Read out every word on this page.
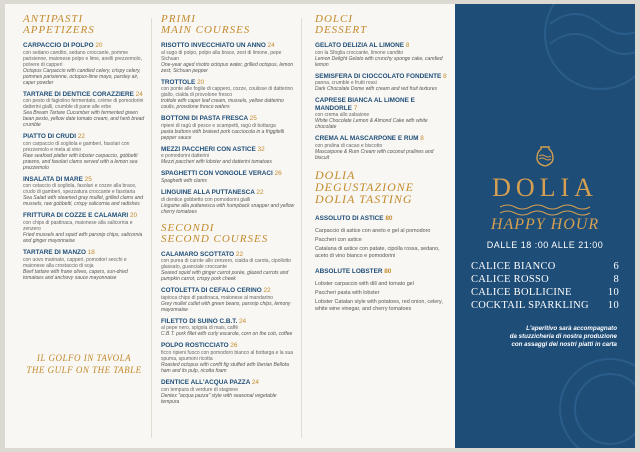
ANTIPASTI
APPETIZERS
CARPACCIO DI POLPO 20
con sedano candito, sedano croccante, pomme parisienne, maionese polpo e lime, anelli prezzemolo, polvere di capperi
Octopus Carpaccio with candied celery, crispy celery, pommes parisienne, octopus-lime mayo, parsley air, caper powder
TARTARE DI DENTICE CORAZZIERE 24
con pesto di fagiolino fermentato, crème di pomodorini datterini gialli, crumble di pane alle erbe
Sea Bream Tartare Cucumber with fermented green bean pesto, yellow date tomato cream, and herb bread crumble
PIATTO DI CRUDI 22
con carpaccio di sogliola e gamberi, fasolari con prezzemolo e mela al vino
Raw seafood platter with lobster carpaccio, gobbetti prawns, and fasolari clams served with a lemon sea prezzemolo
INSALATA DI MARE 25
con cetaccio di sogliola, fasolari e cozze alla brace, crudo di gamberi, spezzatura croccante e fasolaria
Sea Salad with steamed gray mullet, grilled clams and mussels, raw gobbetti, crispy salicornia and radishes
FRITTURA DI COZZE E CALAMARI 20
con chips di pastinaca, maionese alla salicornia e zenzero
Fried mussels and squid with parsnip chips, salicornia and ginger mayonnaise
TARTARE DI MANZO 18
con uovo marinato, capperi, pomodori secchi e maionese alla crostaccio di soja
Beef tartare with frane olives, capers, sun-dried tomatoes and anchovy sauce mayonnaise
IL GOLFO IN TAVOLA
THE GULF ON THE TABLE
PRIMI
MAIN COURSES
RISOTTO INVECCHIATO UN ANNO 24
al sugo di polpo, polpo alla brace, zest di limone, pepe Sichuan
One-year aged risotto octopus water, grilled octopus, lemon zest, Sichuan pepper
TROTTOLE 20
con ponte alle foglie di cappero, cozze, coulisse di datterino giallo, cialda di provolone fresco
trottole with caper leaf cream, mussels, yellow datterino coulis, provolone fresco wafers
BOTTONI DI PASTA FRESCA 25
ripieni di ragù di pesce e scampetti, ragù di bottarga
pasta buttons with braised pork cacciocola in a friggitelli pepper sauce
MEZZI PACCHERI CON ASTICE 32
e pomodorini datterini
Mezzi paccheri with lobster and datterini tomatoes
SPAGHETTI CON VONGOLE VERACI 26
Spaghetti with clams
LINGUINE ALLA PUTTANESCA 22
di dentice gobbetto con pomodorini gialli
Linguine alla puttanesca with humpback snapper and yellow cherry tomatoes
SECONDI
SECOND COURSES
CALAMARO SCOTTATO 22
con purea di carote allo zenzero, cialda di carota, cipollotto glassato, guanciale croccante
Seared squid with ginger carrot purée, glazed carrots and pumpkin carrot, crispy pork cheek
COTOLETTA DI CEFALO CERINO 22
tapioca chips di pastinaca, maionese al mandarino
Grey mullet cutlet with green beans, parsnip chips, lemony mayonnaise
FILETTO DI SUINO C.B.T. 24
al pepe nero, spigola di mais, caffè
C.B.T. pork fillet with curly escarole, corn on the cob, coffee
POLPO ROSTICCIATO 26
ficco ripieni fuoco con pomodoro bianco al bottarga e la sua spuma, spumoni ricotta
Roasted octopus with confit fig stuffed with Iberian Bellota ham and its pulp, ricotta foam
DENTICE ALL'ACQUA PAZZA 24
con tempura di verdure di stagione
Dentex "acqua pazza" style with seasonal vegetable tempura
DOLCI
DESSERT
GELATO DELIZIA AL LIMONE 8
con la Sfoglia croccante, limone candito
Lemon Delight Gelato with crunchy sponge cake, candied lemon
SEMISFERA DI CIOCCOLATO FONDENTE 8
panna, crumble e frutti rossi
Dark Chocolate Dome with cream and red fruit textures
CAPRESE BIANCA AL LIMONE E MANDORLE 7
con crema allo zabaione
White Chocolate Lemon & Almond Cake with white chocolate
CREMA AL MASCARPONE E RUM 8
con pralina di cacao e biscotto
Mascarpone & Rum Cream with coconut pralines and biscuit
DOLIA
DEGUSTAZIONE
DOLIA TASTING
ASSOLUTO DI ASTICE 80
Carpaccio di astice con aneto e gel al pomodoro
Paccheri con astice
Catalana di astice con patate, cipolla rossa, sedano, aceto di vino bianco e pomodorini
ABSOLUTE LOBSTER 80
Lobster carpaccio with dill and tomato gel
Paccheri pasta with lobster
Lobster Catalan style with potatoes, red onion, celery, white wine vinegar, and cherry tomatoes
DOLIA
HAPPY HOUR
DALLE 18 :00 ALLE 21:00
CALICE BIANCO	6
CALICE ROSSO	8
CALICE BOLLICINE	10
COCKTAIL SPARKLING 10
L'aperitivo sarà accompagnato
da stuzzicheria di nostra produzione
con assaggi dei nostri piatti in carta
